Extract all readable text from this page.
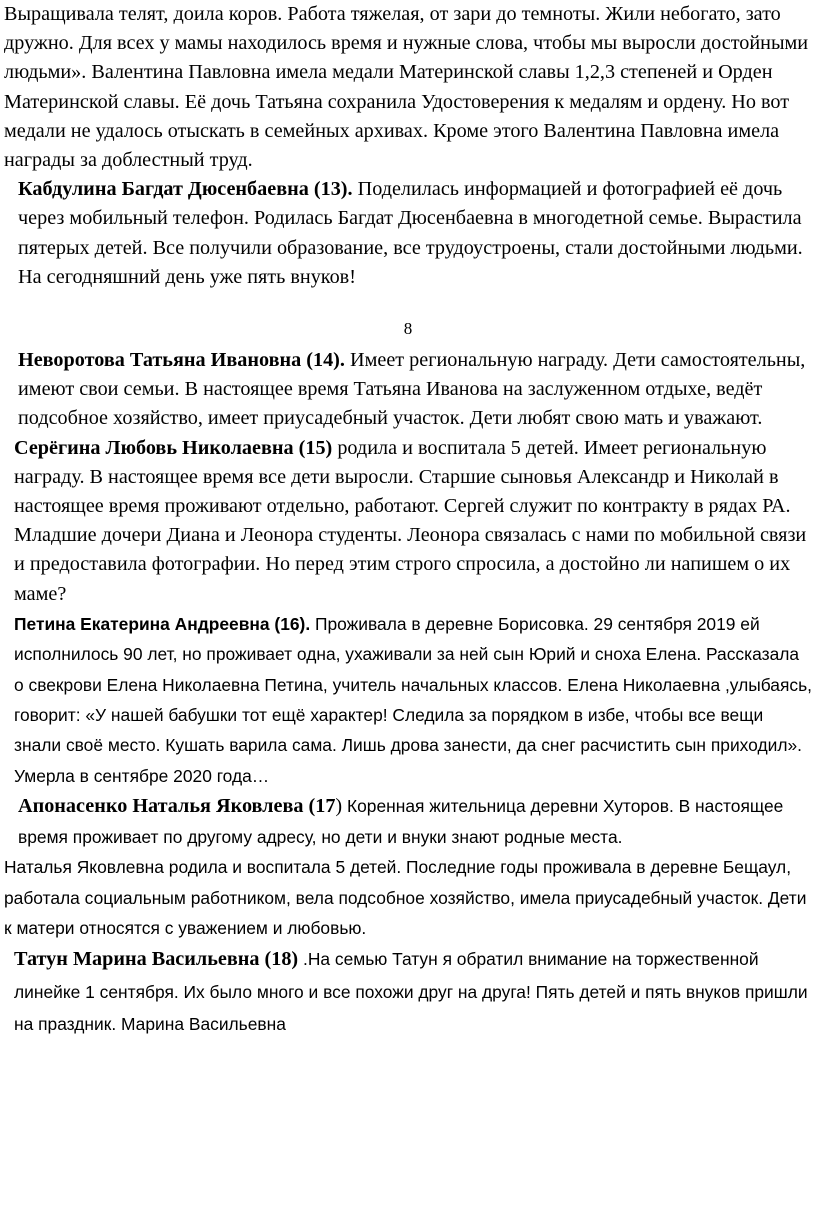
Выращивала телят, доила коров. Работа тяжелая, от зари до темноты. Жили небогато, зато дружно. Для всех у мамы находилось время и нужные слова, чтобы мы выросли достойными людьми». Валентина Павловна имела медали Материнской славы 1,2,3 степеней и Орден Материнской славы. Её дочь Татьяна сохранила Удостоверения к медалям и ордену. Но вот медали не удалось отыскать в семейных архивах. Кроме этого Валентина Павловна имела награды за доблестный труд.

Кабдулина Багдат Дюсенбаевна (13). Поделилась информацией и фотографией её дочь через мобильный телефон. Родилась Багдат Дюсенбаевна в многодетной семье. Вырастила пятерых детей. Все получили образование, все трудоустроены, стали достойными людьми. На сегодняшний день уже пять внуков!

8

Неворотова Татьяна Ивановна (14). Имеет региональную награду. Дети самостоятельны, имеют свои семьи. В настоящее время Татьяна Иванова на заслуженном отдыхе, ведёт подсобное хозяйство, имеет приусадебный участок. Дети любят свою мать и уважают.

Серёгина Любовь Николаевна (15) родила и воспитала 5 детей. Имеет региональную награду. В настоящее время все дети выросли. Старшие сыновья Александр и Николай в настоящее время проживают отдельно, работают. Сергей служит по контракту в рядах РА. Младшие дочери Диана и Леонора студенты. Леонора связалась с нами по мобильной связи и предоставила фотографии. Но перед этим строго спросила, а достойно ли напишем о их маме?

Петина Екатерина Андреевна (16). Проживала в деревне Борисовка. 29 сентября 2019 ей исполнилось 90 лет, но проживает одна, ухаживали за ней сын Юрий и сноха Елена. Рассказала о свекрови Елена Николаевна Петина, учитель начальных классов. Елена Николаевна ,улыбаясь, говорит: «У нашей бабушки тот ещё характер! Следила за порядком в избе, чтобы все вещи знали своё место. Кушать варила сама. Лишь дрова занести, да снег расчистить сын приходил». Умерла в сентябре 2020 года…

Апонасенко Наталья Яковлева (17) Коренная жительница деревни Хуторов. В настоящее время проживает по другому адресу, но дети и внуки знают родные места.

Наталья Яковлевна родила и воспитала 5 детей. Последние годы проживала в деревне Бещаул, работала социальным работником, вела подсобное хозяйство, имела приусадебный участок. Дети к матери относятся с уважением и любовью.

Татун Марина Васильевна (18) .На семью Татун я обратил внимание на торжественной линейке 1 сентября. Их было много и все похожи друг на друга! Пять детей и пять внуков пришли на праздник. Марина Васильевна
